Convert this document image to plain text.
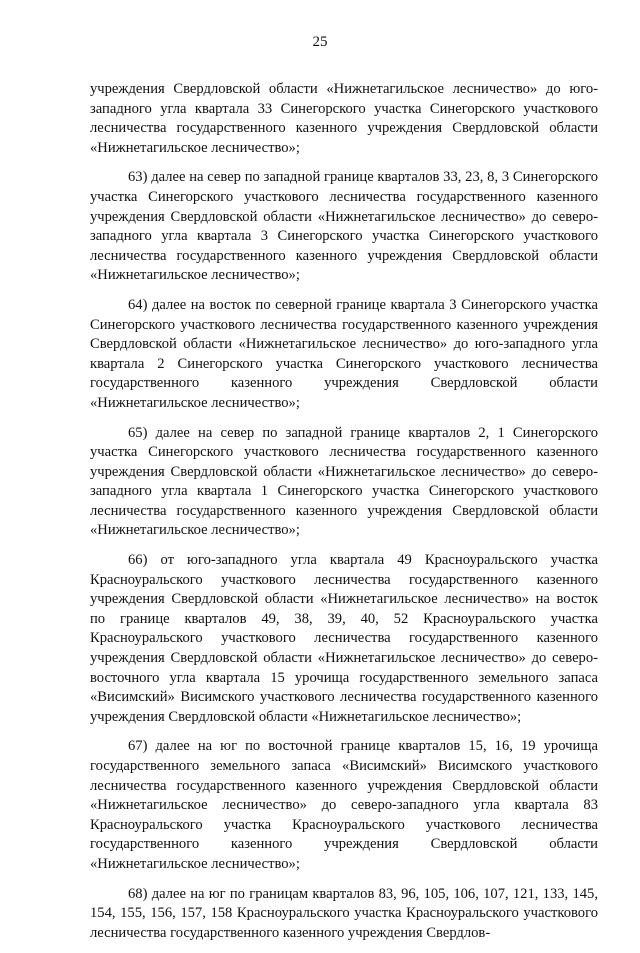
25

учреждения Свердловской области «Нижнетагильское лесничество» до юго-западного угла квартала 33 Синегорского участка Синегорского участкового лесничества государственного казенного учреждения Свердловской области «Нижнетагильское лесничество»;

63) далее на север по западной границе кварталов 33, 23, 8, 3 Синегорского участка Синегорского участкового лесничества государственного казенного учреждения Свердловской области «Нижнетагильское лесничество» до северо-западного угла квартала 3 Синегорского участка Синегорского участкового лесничества государственного казенного учреждения Свердловской области «Нижнетагильское лесничество»;

64) далее на восток по северной границе квартала 3 Синегорского участка Синегорского участкового лесничества государственного казенного учреждения Свердловской области «Нижнетагильское лесничество» до юго-западного угла квартала 2 Синегорского участка Синегорского участкового лесничества государственного казенного учреждения Свердловской области «Нижнетагильское лесничество»;

65) далее на север по западной границе кварталов 2, 1 Синегорского участка Синегорского участкового лесничества государственного казенного учреждения Свердловской области «Нижнетагильское лесничество» до северо-западного угла квартала 1 Синегорского участка Синегорского участкового лесничества государственного казенного учреждения Свердловской области «Нижнетагильское лесничество»;

66) от юго-западного угла квартала 49 Красноуральского участка Красноуральского участкового лесничества государственного казенного учреждения Свердловской области «Нижнетагильское лесничество» на восток по границе кварталов 49, 38, 39, 40, 52 Красноуральского участка Красноуральского участкового лесничества государственного казенного учреждения Свердловской области «Нижнетагильское лесничество» до северо-восточного угла квартала 15 урочища государственного земельного запаса «Висимский» Висимского участкового лесничества государственного казенного учреждения Свердловской области «Нижнетагильское лесничество»;

67) далее на юг по восточной границе кварталов 15, 16, 19 урочища государственного земельного запаса «Висимский» Висимского участкового лесничества государственного казенного учреждения Свердловской области «Нижнетагильское лесничество» до северо-западного угла квартала 83 Красноуральского участка Красноуральского участкового лесничества государственного казенного учреждения Свердловской области «Нижнетагильское лесничество»;

68) далее на юг по границам кварталов 83, 96, 105, 106, 107, 121, 133, 145, 154, 155, 156, 157, 158 Красноуральского участка Красноуральского участкового лесничества государственного казенного учреждения Свердлов-
